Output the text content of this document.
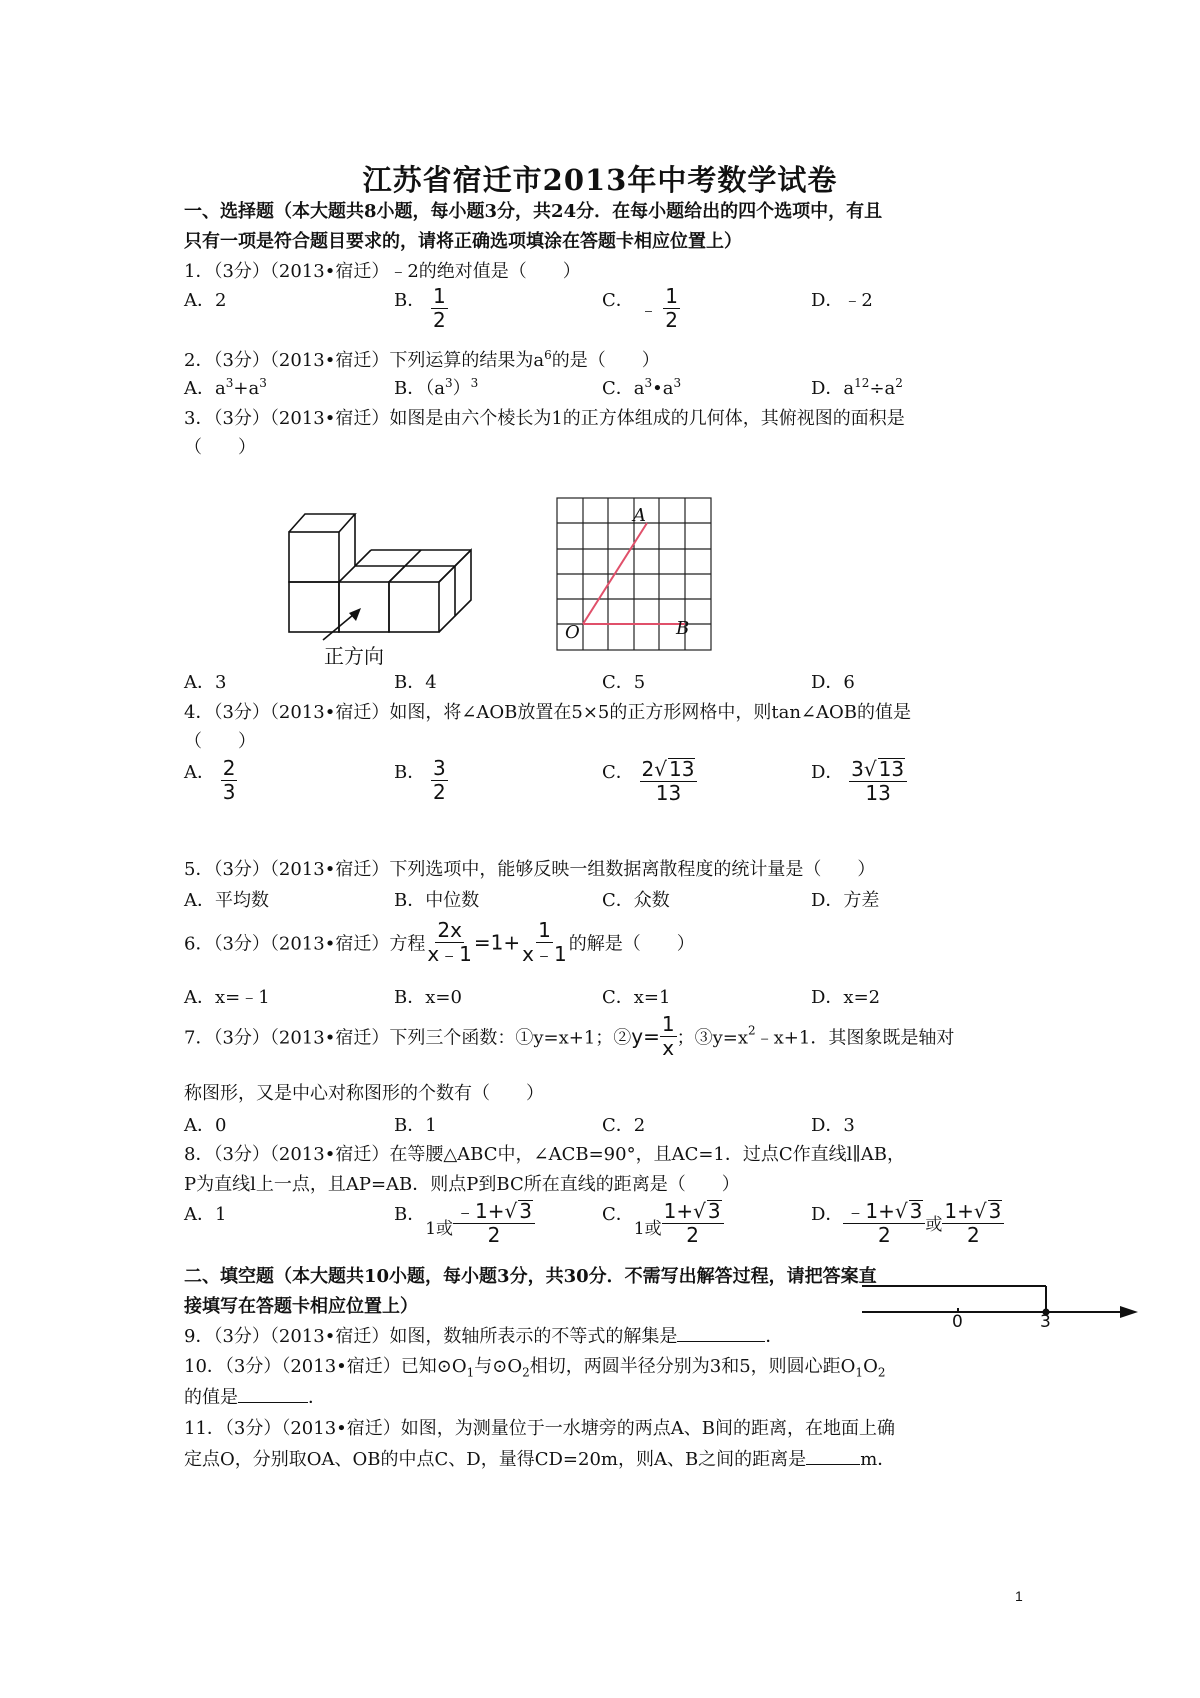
江苏省宿迁市2013年中考数学试卷
一、选择题（本大题共8小题，每小题3分，共24分．在每小题给出的四个选项中，有且
只有一项是符合题目要求的，请将正确选项填涂在答题卡相应位置上）
1．（3分）（2013•宿迁）﹣2的绝对值是（　　）
A．2	B． $\frac{1}{2}$	C． ﹣ $\frac{1}{2}$	D．﹣2
2．（3分）（2013•宿迁）下列运算的结果为$a^6$的是（　　）
A．$a^3+a^3$	B．$(a^3)^3$	C．$a^3•a^3$	D．$a^{12}\div a^2$
3．（3分）（2013•宿迁）如图是由六个棱长为1的正方体组成的几何体，其俯视图的面积是
（　　）
正方向
A
O	B
A．3	B．4	C．5	D．6
4．（3分）（2013•宿迁）如图，将∠AOB放置在5×5的正方形网格中，则tan∠AOB的值是
（　　）
A． $\frac{2}{3}$	B． $\frac{3}{2}$	C． $\frac{2√ 13}{13}$	D． $\frac{3√ 13}{13}$
5．（3分）（2013•宿迁）下列选项中，能够反映一组数据离散程度的统计量是（　　）
A．平均数	B．中位数	C．众数	D．方差
6．（3分）（2013•宿迁）方程 $\frac{2x}{x﹣1} =1+ \frac{1}{x﹣1}$ 的解是（　　）
A．x=﹣1	B．x=0	C．x=1	D．x=2
7．（3分）（2013•宿迁）下列三个函数：①y=x+1；②y= $\frac{1}{x}$ ；$③y=x^2﹣x+1$．其图象既是轴对
称图形，又是中心对称图形的个数有（　　）
A．0	B．1	C．2	D．3
8．（3分）（2013•宿迁）在等腰△ABC中，∠ACB=90°，且AC=1．过点C作直线l∥AB，
P为直线l上一点，且AP=AB．则点P到BC所在直线的距离是（　　）
A．1	B．1或 $\frac{﹣1+√ 3}{2}$	C．1或 $\frac{1+√ 3}{2}$	D． $\frac{﹣1+√ 3}{2}$ 或 $\frac{1+√ 3}{2}$
二、填空题（本大题共10小题，每小题3分，共30分．不需写出解答过程，请把答案直
接填写在答题卡相应位置上）
0	3
9．（3分）（2013•宿迁）如图，数轴所表示的不等式的解集是	．
10．（3分）（2013•宿迁）已知$⊙O_1$与$⊙O_2$相切，两圆半径分别为3和5，则圆心距$O_1O_2$
的值是	．
11．（3分）（2013•宿迁）如图，为测量位于一水塘旁的两点A、B间的距离，在地面上确
定点O，分别取OA、OB的中点C、D，量得CD=20m，则A、B之间的距离是	m．
1
